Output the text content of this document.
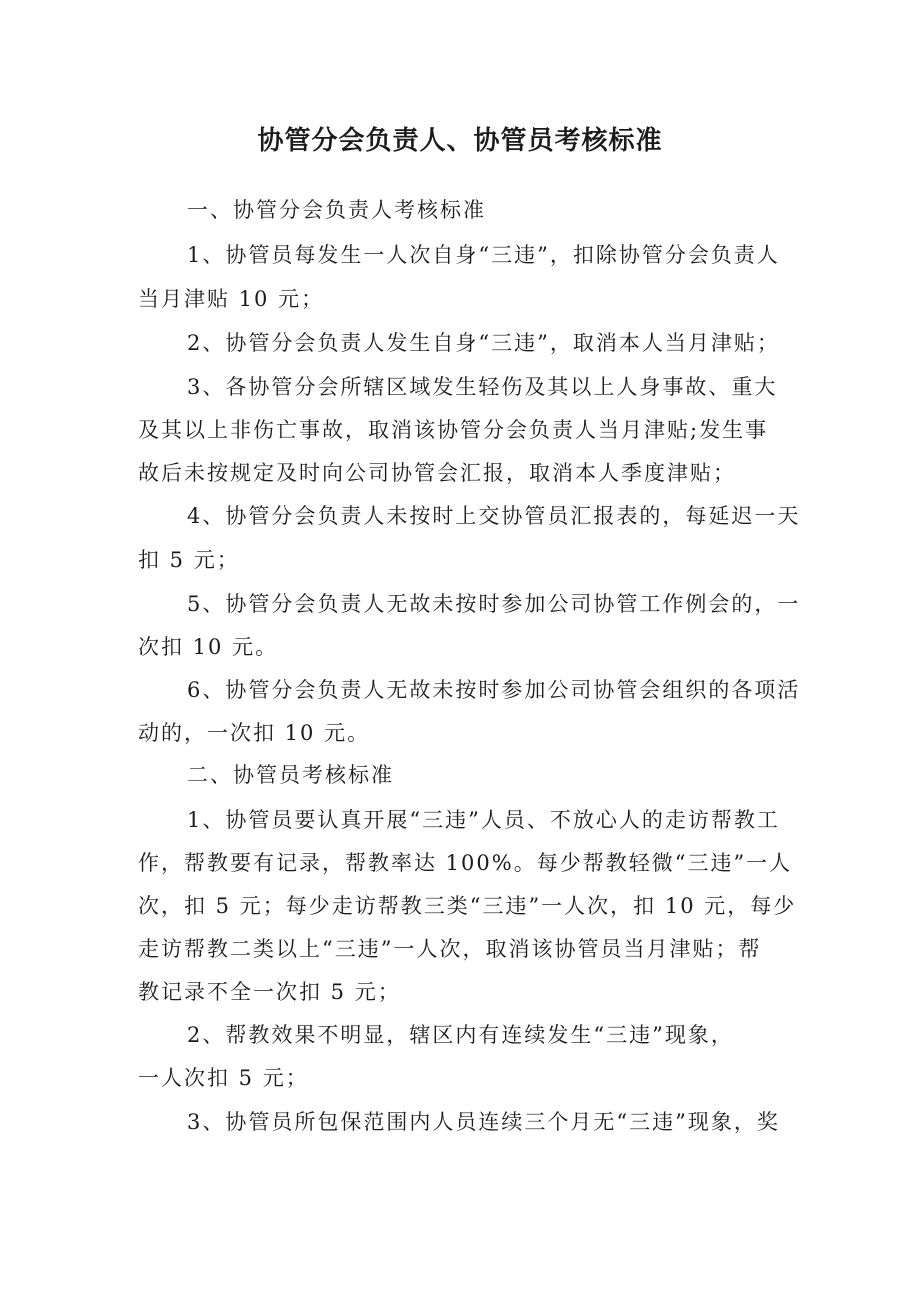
协管分会负责人、协管员考核标准
一、协管分会负责人考核标准
1、协管员每发生一人次自身“三违”，扣除协管分会负责人
当月津贴 10 元；
2、协管分会负责人发生自身“三违”，取消本人当月津贴；
3、各协管分会所辖区域发生轻伤及其以上人身事故、重大
及其以上非伤亡事故，取消该协管分会负责人当月津贴;发生事
故后未按规定及时向公司协管会汇报，取消本人季度津贴；
4、协管分会负责人未按时上交协管员汇报表的，每延迟一天
扣 5 元；
5、协管分会负责人无故未按时参加公司协管工作例会的，一
次扣 10 元。
6、协管分会负责人无故未按时参加公司协管会组织的各项活
动的，一次扣 10 元。
二、协管员考核标准
1、协管员要认真开展“三违”人员、不放心人的走访帮教工
作，帮教要有记录，帮教率达 100%。每少帮教轻微“三违”一人
次，扣 5 元；每少走访帮教三类“三违”一人次，扣 10 元，每少
走访帮教二类以上“三违”一人次，取消该协管员当月津贴；帮
教记录不全一次扣 5 元；
2、帮教效果不明显，辖区内有连续发生“三违”现象，
一人次扣 5 元；
3、协管员所包保范围内人员连续三个月无“三违”现象，奖
